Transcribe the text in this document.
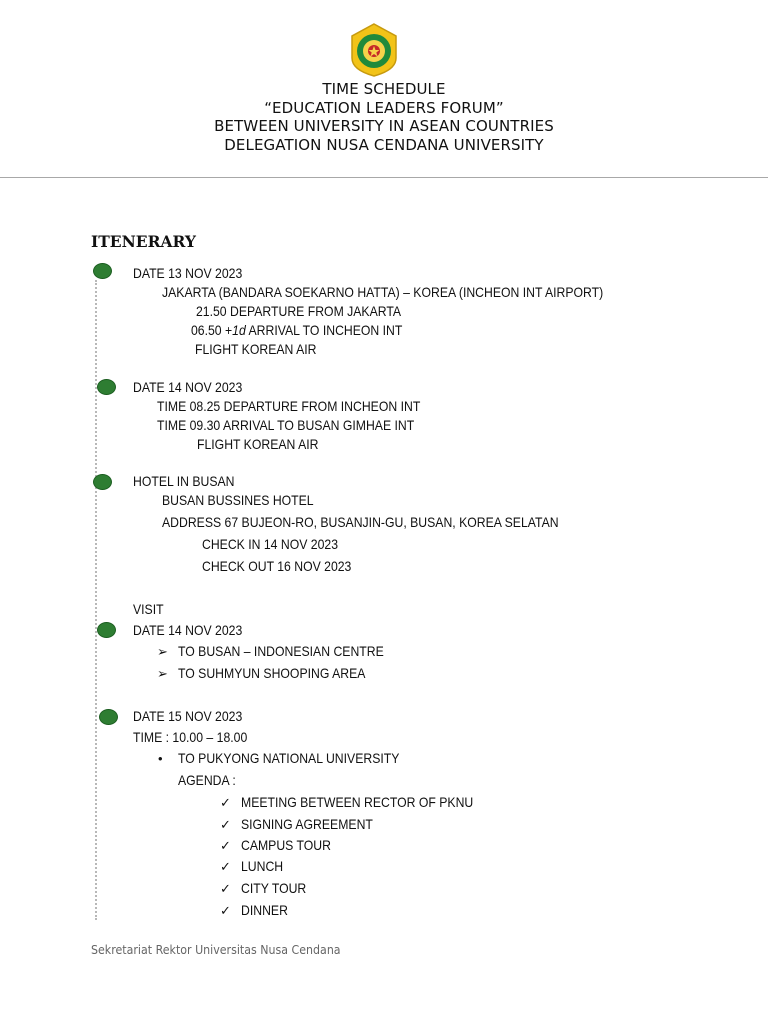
TIME SCHEDULE
“EDUCATION LEADERS FORUM”
BETWEEN UNIVERSITY IN ASEAN COUNTRIES
DELEGATION NUSA CENDANA UNIVERSITY
ITENERARY
DATE 13 NOV 2023
JAKARTA (BANDARA SOEKARNO HATTA) – KOREA (INCHEON INT AIRPORT)
21.50 DEPARTURE FROM JAKARTA
06.50 +1d ARRIVAL TO INCHEON INT
FLIGHT KOREAN AIR
DATE 14 NOV 2023
TIME 08.25 DEPARTURE FROM INCHEON INT
TIME 09.30 ARRIVAL TO BUSAN GIMHAE INT
FLIGHT KOREAN AIR
HOTEL IN BUSAN
BUSAN BUSSINES HOTEL
ADDRESS 67 BUJEON-RO, BUSANJIN-GU, BUSAN, KOREA SELATAN
CHECK IN 14 NOV 2023
CHECK OUT 16 NOV 2023
VISIT
DATE 14 NOV 2023
➢ TO BUSAN – INDONESIAN CENTRE
➢ TO SUHMYUN SHOOPING AREA
DATE 15 NOV 2023
TIME : 10.00 – 18.00
• TO PUKYONG NATIONAL UNIVERSITY
AGENDA :
✓ MEETING BETWEEN RECTOR OF PKNU
✓ SIGNING AGREEMENT
✓ CAMPUS TOUR
✓ LUNCH
✓ CITY TOUR
✓ DINNER
Sekretariat Rektor Universitas Nusa Cendana
